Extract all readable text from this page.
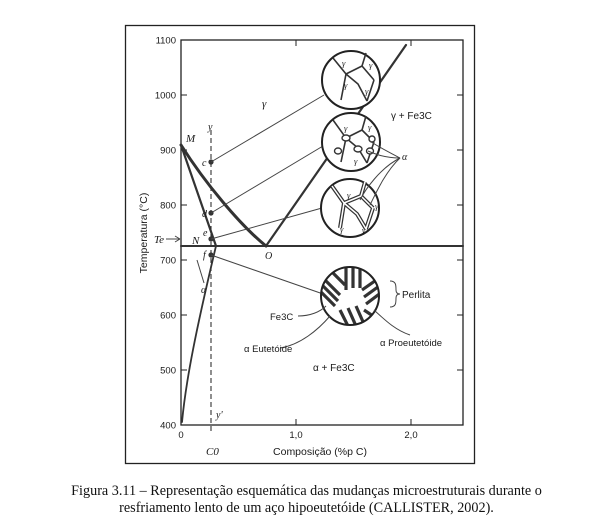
400
500
600
700
800
900
1000
1100
0	1,0	2,0
Temperatura (°C)
Composição (%p C)
M
N
O
c
d
e
f
Te
y
y'
C0
γ
γ + Fe3C
α
α + Fe3C
α
Perlita
Fe3C
α Eutetóide
α Proeutetóide
γ	γ
γ
γ
γ γ
γ
γ
γ
γ γ
Figura 3.11 – Representação esquemática das mudanças microestruturais durante o
resfriamento lento de um aço hipoeutetóide (CALLISTER, 2002).
